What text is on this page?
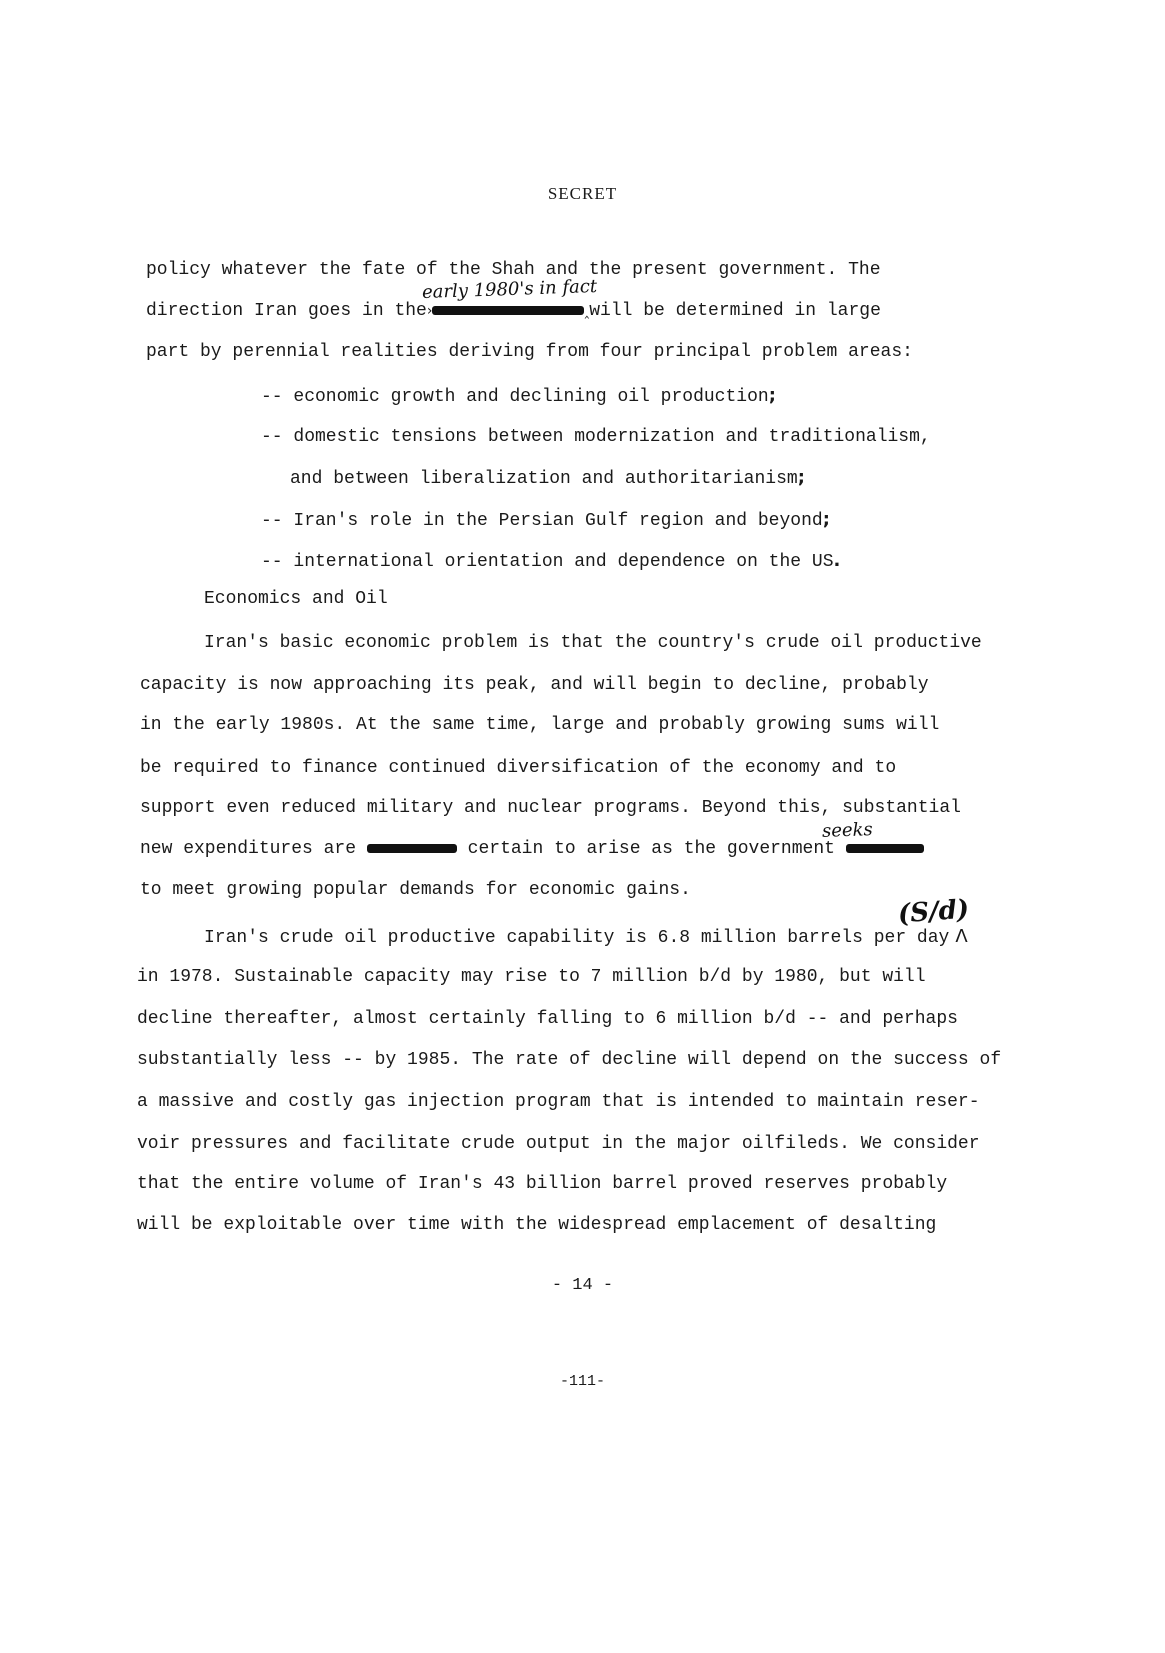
SECRET
policy whatever the fate of the Shah and the present government. The
early 1980's in fact
direction Iran goes in the›	‸will be determined in large
part by perennial realities deriving from four principal problem areas:
-- economic growth and declining oil production;
-- domestic tensions between modernization and traditionalism,
and between liberalization and authoritarianism;
-- Iran's role in the Persian Gulf region and beyond;
-- international orientation and dependence on the US.
Economics and Oil
Iran's basic economic problem is that the country's crude oil productive
capacity is now approaching its peak, and will begin to decline, probably
in the early 1980s. At the same time, large and probably growing sums will
be required to finance continued diversification of the economy and to
support even reduced military and nuclear programs. Beyond this, substantial
seeks
new expenditures are	certain to arise as the government
to meet growing popular demands for economic gains.
(S/d)
Iran's crude oil productive capability is 6.8 million barrels per day Λ
in 1978. Sustainable capacity may rise to 7 million b/d by 1980, but will
decline thereafter, almost certainly falling to 6 million b/d -- and perhaps
substantially less -- by 1985. The rate of decline will depend on the success of
a massive and costly gas injection program that is intended to maintain reser-
voir pressures and facilitate crude output in the major oilfileds. We consider
that the entire volume of Iran's 43 billion barrel proved reserves probably
will be exploitable over time with the widespread emplacement of desalting
- 14 -
-111-
